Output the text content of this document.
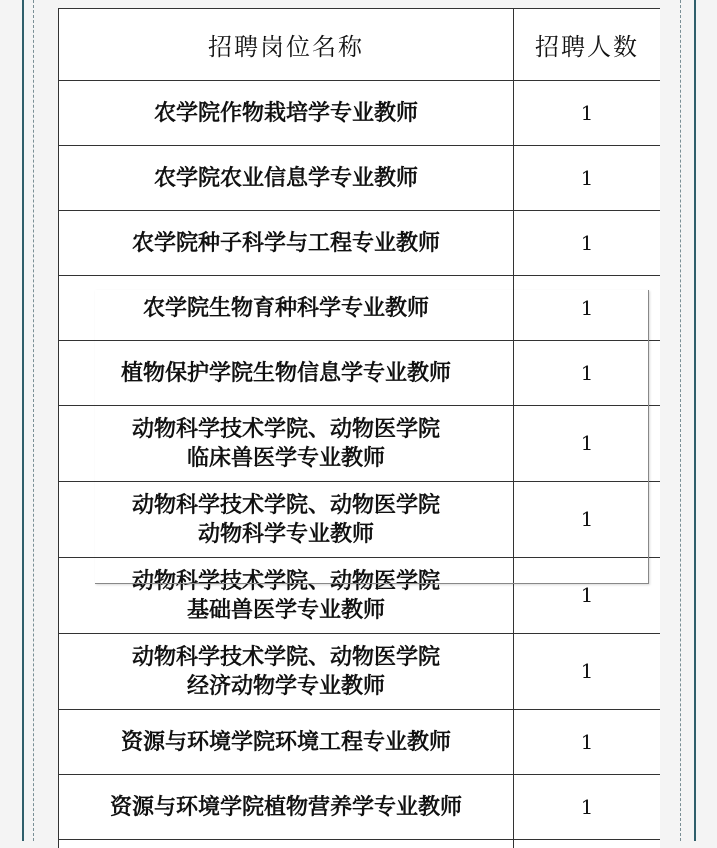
招聘岗位名称	招聘人数
农学院作物栽培学专业教师	1
农学院农业信息学专业教师	1
农学院种子科学与工程专业教师	1
农学院生物育种科学专业教师	1
植物保护学院生物信息学专业教师	1
动物科学技术学院、动物医学院
临床兽医学专业教师	1
动物科学技术学院、动物医学院
动物科学专业教师	1
动物科学技术学院、动物医学院
基础兽医学专业教师	1
动物科学技术学院、动物医学院
经济动物学专业教师	1
资源与环境学院环境工程专业教师	1
资源与环境学院植物营养学专业教师	1
